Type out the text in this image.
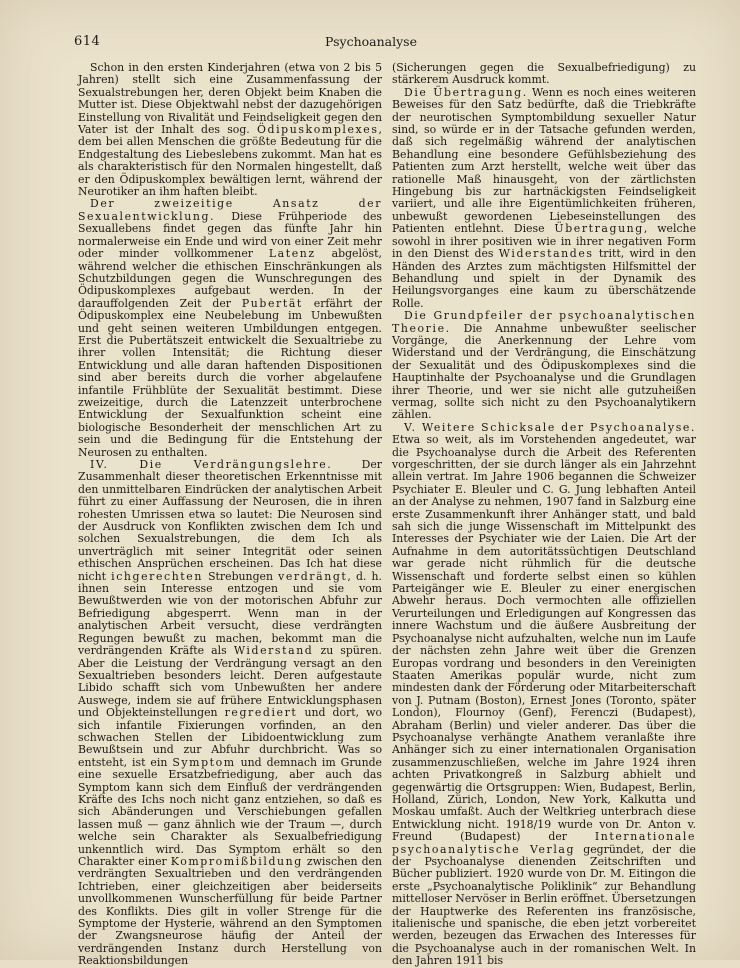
614	Psychoanalyse

Schon in den ersten Kinderjahren (etwa von 2 bis 5 Jahren) stellt sich eine Zusammenfassung der Sexualstrebungen her, deren Objekt beim Knaben die Mutter ist. Diese Objektwahl nebst der dazugehörigen Einstellung von Rivalität und Feindseligkeit gegen den Vater ist der Inhalt des sog. Ödipuskomplexes, dem bei allen Menschen die größte Bedeutung für die Endgestaltung des Liebeslebens zukommt. Man hat es als charakteristisch für den Normalen hingestellt, daß er den Ödipuskomplex bewältigen lernt, während der Neurotiker an ihm haften bleibt.

Der zweizeitige Ansatz der Sexualentwicklung. Diese Frühperiode des Sexuallebens findet gegen das fünfte Jahr hin normalerweise ein Ende und wird von einer Zeit mehr oder minder vollkommener Latenz abgelöst, während welcher die ethischen Einschränkungen als Schutzbildungen gegen die Wunschregungen des Ödipuskomplexes aufgebaut werden. In der darauffolgenden Zeit der Pubertät erfährt der Ödipuskomplex eine Neubelebung im Unbewußten und geht seinen weiteren Umbildungen entgegen. Erst die Pubertätszeit entwickelt die Sexualtriebe zu ihrer vollen Intensität; die Richtung dieser Entwicklung und alle daran haftenden Dispositionen sind aber bereits durch die vorher abgelaufene infantile Frühblüte der Sexualität bestimmt. Diese zweizeitige, durch die Latenzzeit unterbrochene Entwicklung der Sexualfunktion scheint eine biologische Besonderheit der menschlichen Art zu sein und die Bedingung für die Entstehung der Neurosen zu enthalten.

IV. Die Verdrängungslehre.	Der Zusammenhalt dieser theoretischen Erkenntnisse mit den unmittelbaren Eindrücken der analytischen Arbeit führt zu einer Auffassung der Neurosen, die in ihren rohesten Umrissen etwa so lautet: Die Neurosen sind der Ausdruck von Konflikten zwischen dem Ich und solchen Sexualstrebungen, die dem Ich als unverträglich mit seiner Integrität oder seinen ethischen Ansprüchen erscheinen. Das Ich hat diese nicht ichgerechten Strebungen verdrängt, d. h. ihnen sein Interesse entzogen und sie vom Bewußtwerden wie von der motorischen Abfuhr zur Befriedigung abgesperrt. Wenn man in der analytischen Arbeit versucht, diese verdrängten Regungen bewußt zu machen, bekommt man die verdrängenden Kräfte als Widerstand zu spüren. Aber die Leistung der Verdrängung versagt an den Sexualtrieben besonders leicht. Deren aufgestaute Libido schafft sich vom Unbewußten her andere Auswege, indem sie auf frühere Entwicklungsphasen und Objekteinstellungen regrediert und dort, wo sich infantile Fixierungen vorfinden, an den schwachen Stellen der Libidoentwicklung zum Bewußtsein und zur Abfuhr durchbricht. Was so entsteht, ist ein Symptom und demnach im Grunde eine sexuelle Ersatzbefriedigung, aber auch das Symptom kann sich dem Einfluß der verdrängenden Kräfte des Ichs noch nicht ganz entziehen, so daß es sich Abänderungen und Verschiebungen gefallen lassen muß — ganz ähnlich wie der Traum —, durch welche sein Charakter als Sexualbefriedigung unkenntlich wird. Das Symptom erhält so den Charakter einer Kompromißbildung zwischen den verdrängten Sexualtrieben und den verdrängenden Ichtrieben, einer gleichzeitigen aber beiderseits unvollkommenen Wunscherfüllung für beide Partner des Konflikts. Dies gilt in voller Strenge für die Symptome der Hysterie, während an den Symptomen der Zwangsneurose häufig der Anteil der verdrängenden Instanz durch Herstellung von Reaktionsbildungen

(Sicherungen gegen die Sexualbefriedigung) zu stärkerem Ausdruck kommt.

Die Übertragung. Wenn es noch eines weiteren Beweises für den Satz bedürfte, daß die Triebkräfte der neurotischen Symptombildung sexueller Natur sind, so würde er in der Tatsache gefunden werden, daß sich regelmäßig während der analytischen Behandlung eine besondere Gefühlsbeziehung des Patienten zum Arzt herstellt, welche weit über das rationelle Maß hinausgeht, von der zärtlichsten Hingebung bis zur hartnäckigsten Feindseligkeit variiert, und alle ihre Eigentümlichkeiten früheren, unbewußt gewordenen Liebeseinstellungen des Patienten entlehnt. Diese Übertragung, welche sowohl in ihrer positiven wie in ihrer negativen Form in den Dienst des Widerstandes tritt, wird in den Händen des Arztes zum mächtigsten Hilfsmittel der Behandlung und spielt in der Dynamik des Heilungsvorganges eine kaum zu überschätzende Rolle.

Die Grundpfeiler der psychoanalytischen Theorie. Die Annahme unbewußter seelischer Vorgänge, die Anerkennung der Lehre vom Widerstand und der Verdrängung, die Einschätzung der Sexualität und des Ödipuskomplexes sind die Hauptinhalte der Psychoanalyse und die Grundlagen ihrer Theorie, und wer sie nicht alle gutzuheißen vermag, sollte sich nicht zu den Psychoanalytikern zählen.

V. Weitere Schicksale der Psychoanalyse. Etwa so weit, als im Vorstehenden angedeutet, war die Psychoanalyse durch die Arbeit des Referenten vorgeschritten, der sie durch länger als ein Jahrzehnt allein vertrat. Im Jahre 1906 begannen die Schweizer Psychiater E. Bleuler und C. G. Jung lebhaften Anteil an der Analyse zu nehmen, 1907 fand in Salzburg eine erste Zusammenkunft ihrer Anhänger statt, und bald sah sich die junge Wissenschaft im Mittelpunkt des Interesses der Psychiater wie der Laien. Die Art der Aufnahme in dem autoritätssüchtigen Deutschland war gerade nicht rühmlich für die deutsche Wissenschaft und forderte selbst einen so kühlen Parteigänger wie E. Bleuler zu einer energischen Abwehr heraus. Doch vermochten alle offiziellen Verurteilungen und Erledigungen auf Kongressen das innere Wachstum und die äußere Ausbreitung der Psychoanalyse nicht aufzuhalten, welche nun im Laufe der nächsten zehn Jahre weit über die Grenzen Europas vordrang und besonders in den Vereinigten Staaten Amerikas populär wurde, nicht zum mindesten dank der Förderung oder Mitarbeiterschaft von J. Putnam (Boston), Ernest Jones (Toronto, später London), Flournoy (Genf), Ferenczi (Budapest), Abraham (Berlin) und vieler anderer. Das über die Psychoanalyse verhängte Anathem veranlaßte ihre Anhänger sich zu einer internationalen Organisation zusammenzuschließen, welche im Jahre 1924 ihren achten Privatkongreß in Salzburg abhielt und gegenwärtig die Ortsgruppen: Wien, Budapest, Berlin, Holland, Zürich, London, New York, Kalkutta und Moskau umfaßt. Auch der Weltkrieg unterbrach diese Entwicklung nicht. 1918/19 wurde von Dr. Anton v. Freund (Budapest) der	Internationale psychoanalytische Verlag gegründet, der die der Psychoanalyse dienenden Zeitschriften und Bücher publiziert. 1920 wurde von Dr. M. Eitingon die erste „Psychoanalytische Poliklinik“ zur Behandlung mittelloser Nervöser in Berlin eröffnet. Übersetzungen der Hauptwerke des Referenten ins französische, italienische und spanische, die eben jetzt vorbereitet werden, bezeugen das Erwachen des Interesses für die Psychoanalyse auch in der romanischen Welt. In den Jahren 1911 bis
